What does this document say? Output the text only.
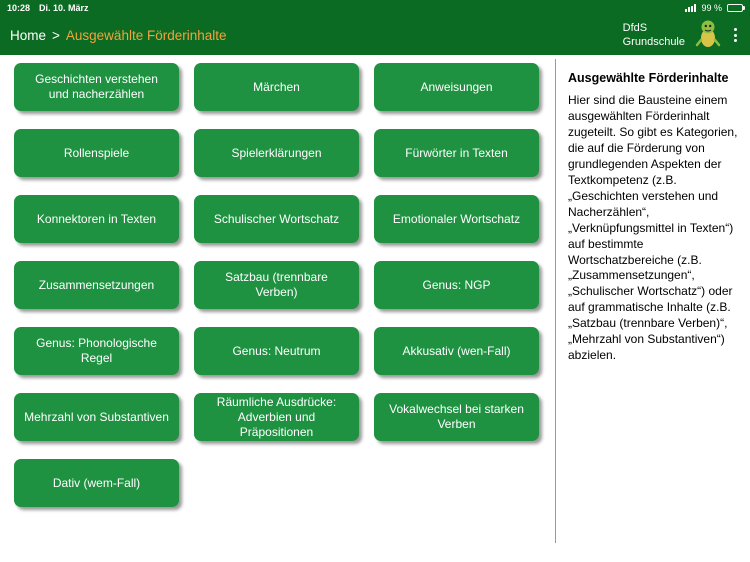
10:28 Di. 10. März	99 %
Home > Ausgewählte Förderinhalte	DfdS
Grundschule
Geschichten verstehen und nacherzählen
Märchen	Anweisungen
Rollenspiele	Spielerklärungen	Fürwörter in Texten
Konnektoren in Texten	Schulischer Wortschatz	Emotionaler Wortschatz
Zusammensetzungen
Satzbau (trennbare Verben)
Genus: NGP
Genus: Phonologische Regel
Genus: Neutrum	Akkusativ (wen-Fall)
Mehrzahl von Substantiven
Räumliche Ausdrücke: Adverbien und Präpositionen
Vokalwechsel bei starken Verben
Dativ (wem-Fall)
Ausgewählte Förderinhalte

Hier sind die Bausteine einem ausgewählten Förderinhalt zugeteilt. So gibt es Kategorien, die auf die Förderung von grundlegenden Aspekten der Textkompetenz (z.B. „Geschichten verstehen und Nacherzählen“, „Verknüpfungsmittel in Texten“) auf bestimmte Wortschatzbereiche (z.B. „Zusammensetzungen“, „Schulischer Wortschatz“) oder auf grammatische Inhalte (z.B. „Satzbau (trennbare Verben)“, „Mehrzahl von Substantiven“) abzielen.
